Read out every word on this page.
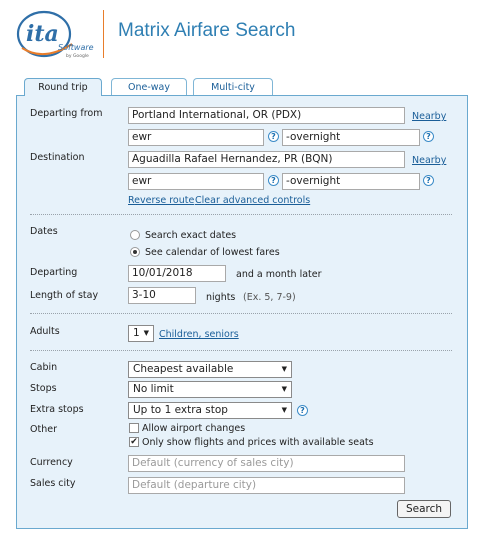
ita
Software
by Google
Matrix Airfare Search
Round trip	One-way	Multi-city
Departing from	Portland International, OR (PDX)	Nearby
ewr	? -overnight	?
Destination	Aguadilla Rafael Hernandez, PR (BQN)	Nearby
ewr	? -overnight	?
Reverse route Clear advanced controls
Dates	Search exact dates
See calendar of lowest fares
Departing	10/01/2018	and a month later
Length of stay	3-10	nights (Ex. 5, 7-9)
Adults	1 ▼ Children, seniors
Cabin	Cheapest available	▼
Stops	No limit	▼
Extra stops	Up to 1 extra stop	▼	?
Other	Allow airport changes
✔ Only show flights and prices with available seats
Currency	Default (currency of sales city)
Sales city	Default (departure city)
Search
